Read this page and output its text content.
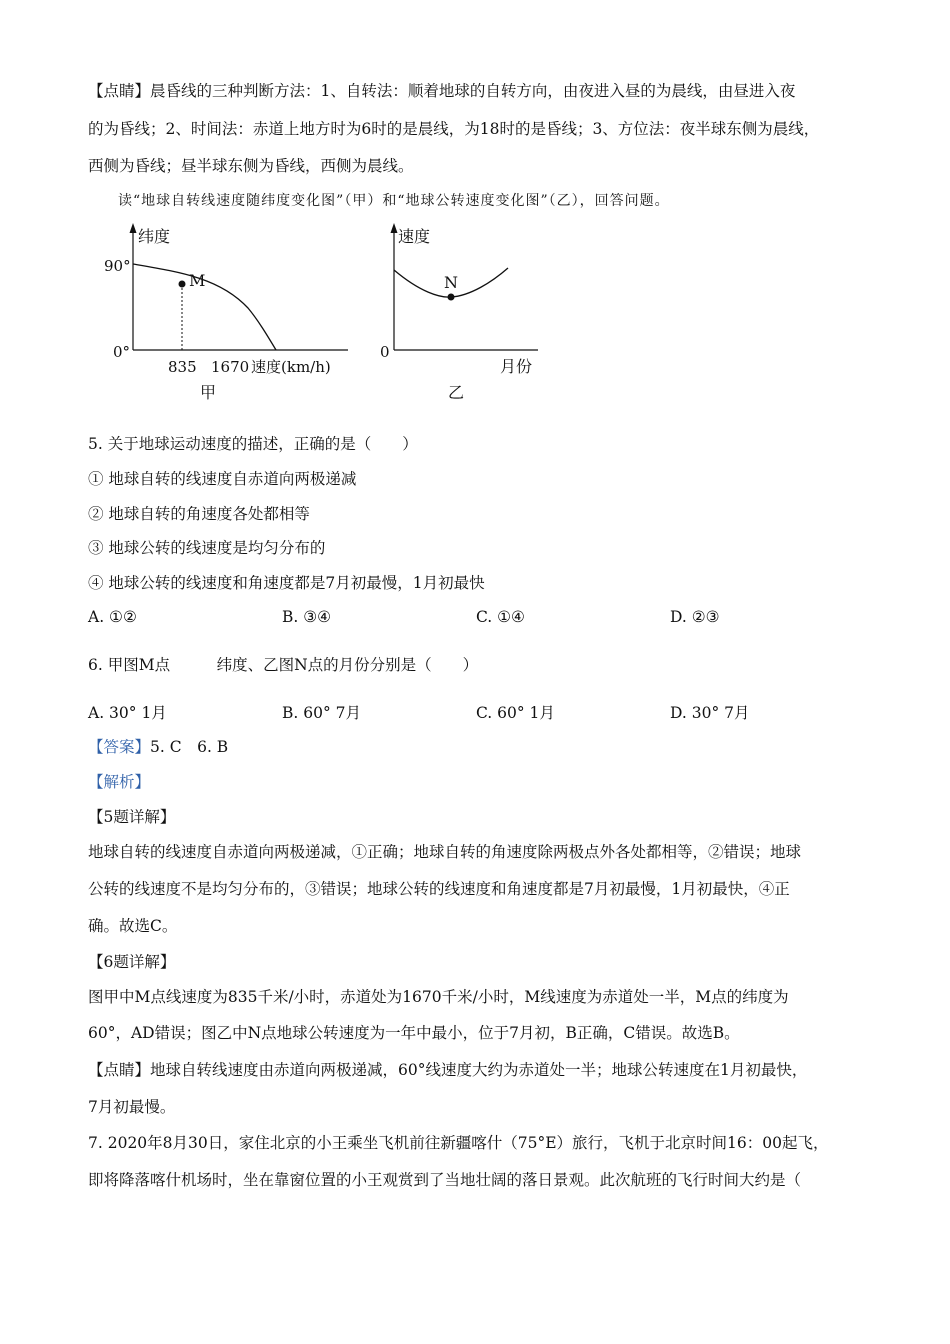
【点睛】晨昏线的三种判断方法：1、自转法：顺着地球的自转方向，由夜进入昼的为晨线，由昼进入夜
的为昏线；2、时间法：赤道上地方时为6时的是晨线，为18时的是昏线；3、方位法：夜半球东侧为晨线，
西侧为昏线；昼半球东侧为昏线，西侧为晨线。
读“地球自转线速度随纬度变化图”（甲）和“地球公转速度变化图”（乙），回答问题。
纬度
90°
0°
M
835 1670 速度(km/h)
甲
速度
0
N
月份
乙
5. 关于地球运动速度的描述，正确的是（　　）
① 地球自转的线速度自赤道向两极递减
② 地球自转的角速度各处都相等
③ 地球公转的线速度是均匀分布的
④ 地球公转的线速度和角速度都是7月初最慢，1月初最快
A. ①②	B. ③④	C. ①④	D. ②③
6. 甲图M点　　　纬度、乙图N点的月份分别是（　　）
A. 30° 1月	B. 60° 7月	C. 60° 1月	D. 30° 7月
【答案】5. C　6. B
【解析】
【5题详解】
地球自转的线速度自赤道向两极递减，①正确；地球自转的角速度除两极点外各处都相等，②错误；地球
公转的线速度不是均匀分布的，③错误；地球公转的线速度和角速度都是7月初最慢，1月初最快，④正
确。故选C。
【6题详解】
图甲中M点线速度为835千米/小时，赤道处为1670千米/小时，M线速度为赤道处一半，M点的纬度为
60°，AD错误；图乙中N点地球公转速度为一年中最小，位于7月初，B正确，C错误。故选B。
【点睛】地球自转线速度由赤道向两极递减，60°线速度大约为赤道处一半；地球公转速度在1月初最快，
7月初最慢。
7. 2020年8月30日，家住北京的小王乘坐飞机前往新疆喀什（75°E）旅行，飞机于北京时间16：00起飞，
即将降落喀什机场时，坐在靠窗位置的小王观赏到了当地壮阔的落日景观。此次航班的飞行时间大约是（
